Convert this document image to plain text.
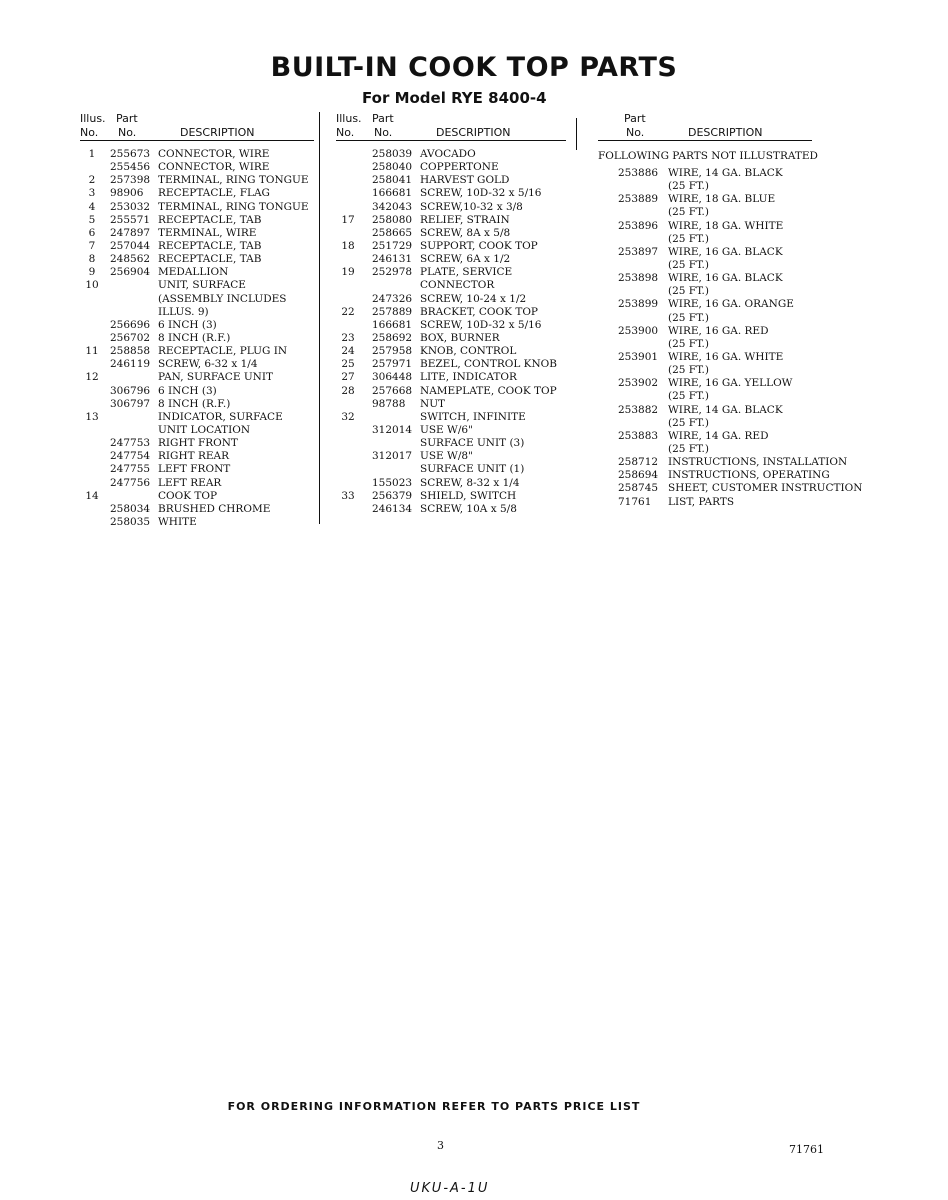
BUILT-IN COOK TOP PARTS
For Model RYE 8400-4
Illus. Part
No. No.	DESCRIPTION
1	255673 CONNECTOR, WIRE
255456 CONNECTOR, WIRE
2	257398 TERMINAL, RING TONGUE
3	98906 RECEPTACLE, FLAG
4	253032 TERMINAL, RING TONGUE
5	255571 RECEPTACLE, TAB
6	247897 TERMINAL, WIRE
7	257044 RECEPTACLE, TAB
8	248562 RECEPTACLE, TAB
9	256904 MEDALLION
10	UNIT, SURFACE
(ASSEMBLY INCLUDES
ILLUS. 9)
256696 6 INCH (3)
256702 8 INCH (R.F.)
11	258858 RECEPTACLE, PLUG IN
246119 SCREW, 6-32 x 1/4
12	PAN, SURFACE UNIT
306796 6 INCH (3)
306797 8 INCH (R.F.)
13	INDICATOR, SURFACE
UNIT LOCATION
247753 RIGHT FRONT
247754 RIGHT REAR
247755 LEFT FRONT
247756 LEFT REAR
14	COOK TOP
258034 BRUSHED CHROME
258035 WHITE
Illus. Part
No. No.	DESCRIPTION
258039 AVOCADO
258040 COPPERTONE
258041 HARVEST GOLD
166681 SCREW, 10D-32 x 5/16
342043 SCREW,10-32 x 3/8
17	258080 RELIEF, STRAIN
258665 SCREW, 8A x 5/8
18	251729 SUPPORT, COOK TOP
246131 SCREW, 6A x 1/2
19	252978 PLATE, SERVICE
CONNECTOR
247326 SCREW, 10-24 x 1/2
22	257889 BRACKET, COOK TOP
166681 SCREW, 10D-32 x 5/16
23	258692 BOX, BURNER
24	257958 KNOB, CONTROL
25	257971 BEZEL, CONTROL KNOB
27	306448 LITE, INDICATOR
28	257668 NAMEPLATE, COOK TOP
98788 NUT
32	SWITCH, INFINITE
312014 USE W/6"
SURFACE UNIT (3)
312017 USE W/8"
SURFACE UNIT (1)
155023 SCREW, 8-32 x 1/4
33	256379 SHIELD, SWITCH
246134 SCREW, 10A x 5/8
Part
No.	DESCRIPTION
FOLLOWING PARTS NOT ILLUSTRATED
253886 WIRE, 14 GA. BLACK
(25 FT.)
253889 WIRE, 18 GA. BLUE
(25 FT.)
253896 WIRE, 18 GA. WHITE
(25 FT.)
253897 WIRE, 16 GA. BLACK
(25 FT.)
253898 WIRE, 16 GA. BLACK
(25 FT.)
253899 WIRE, 16 GA. ORANGE
(25 FT.)
253900 WIRE, 16 GA. RED
(25 FT.)
253901 WIRE, 16 GA. WHITE
(25 FT.)
253902 WIRE, 16 GA. YELLOW
(25 FT.)
253882 WIRE, 14 GA. BLACK
(25 FT.)
253883 WIRE, 14 GA. RED
(25 FT.)
258712 INSTRUCTIONS, INSTALLATION
258694 INSTRUCTIONS, OPERATING
258745 SHEET, CUSTOMER INSTRUCTION
71761 LIST, PARTS
FOR ORDERING INFORMATION REFER TO PARTS PRICE LIST
3	71761
UKU-A-1U
